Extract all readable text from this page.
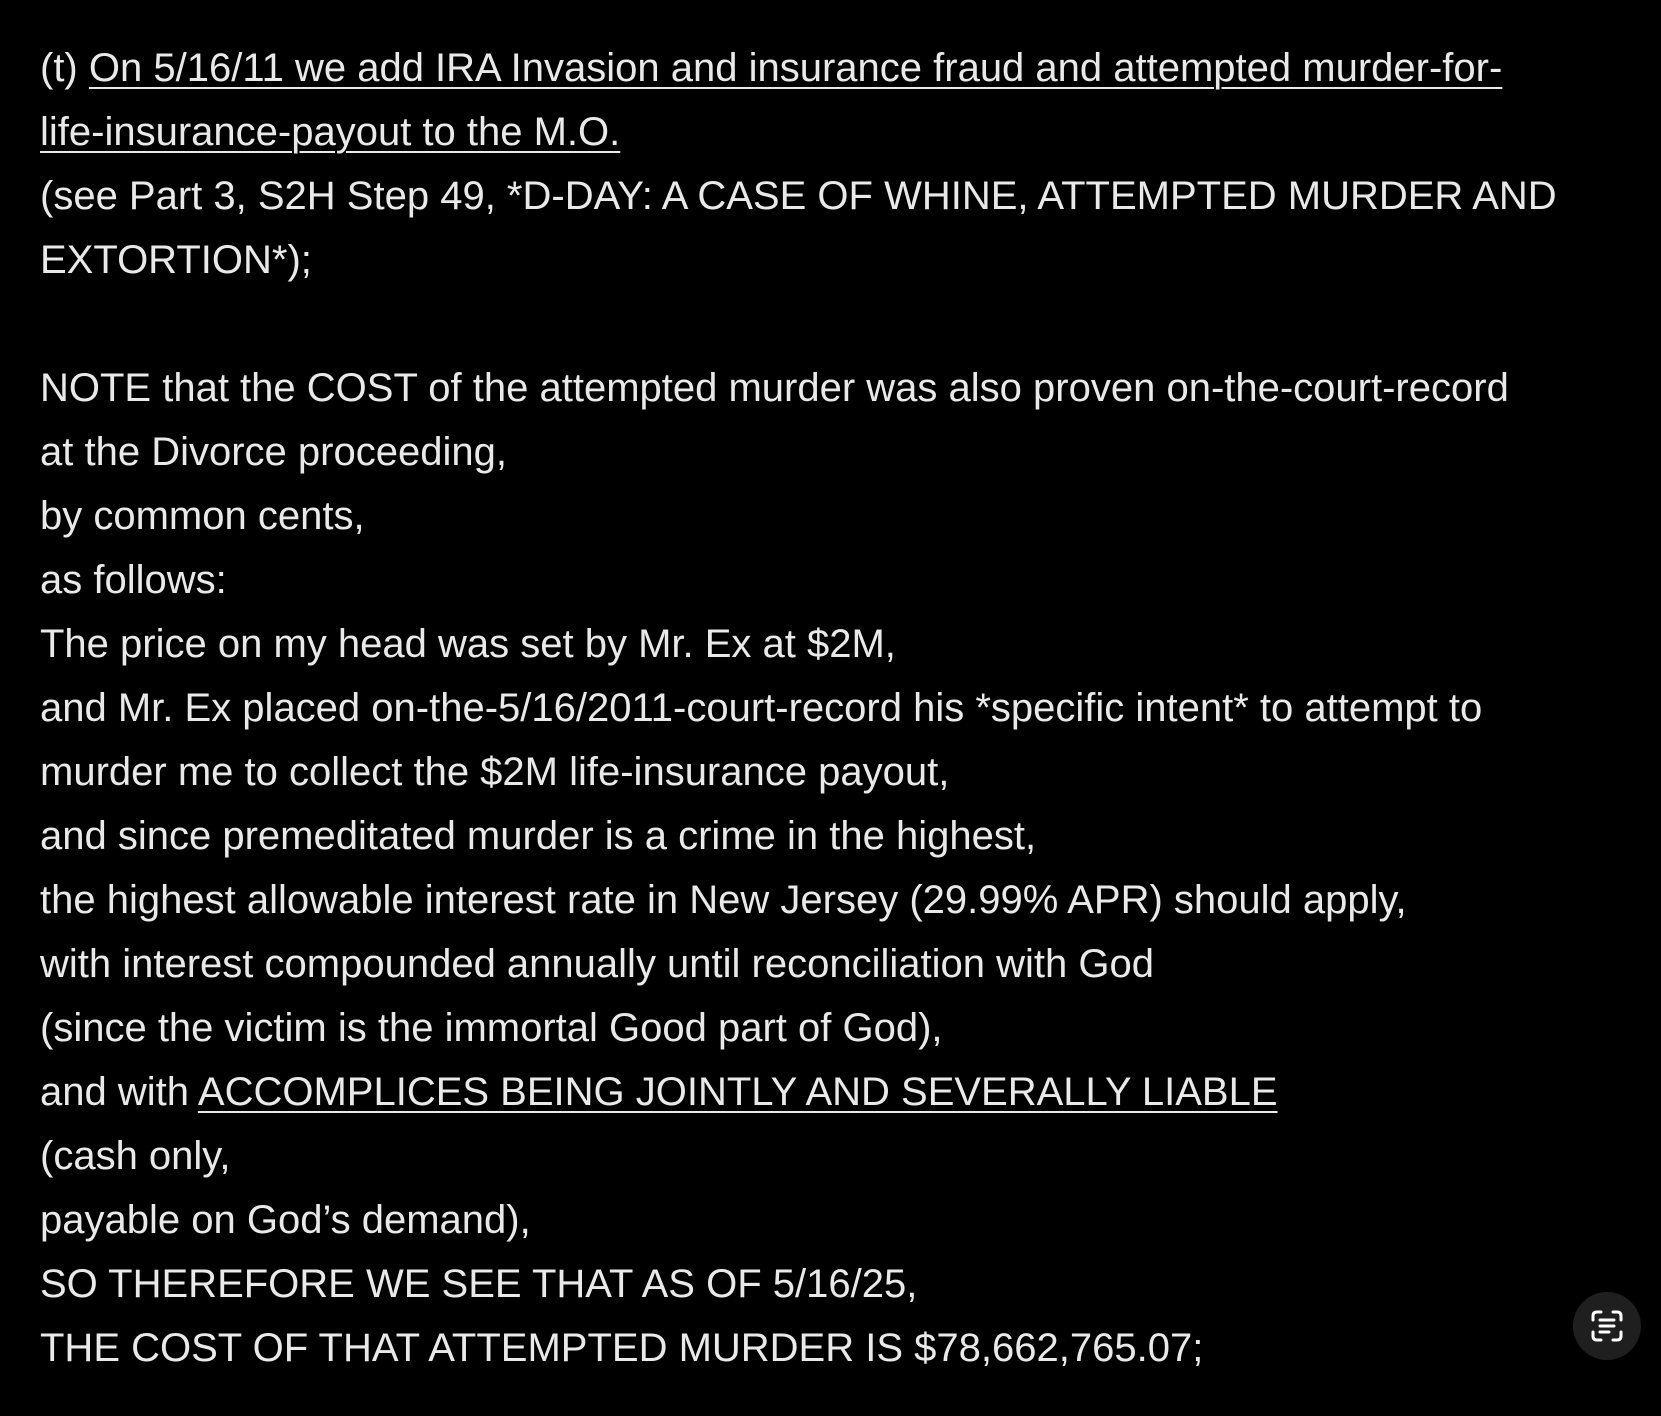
(t) On 5/16/11 we add IRA Invasion and insurance fraud and attempted murder-for-
life-insurance-payout to the M.O.
(see Part 3, S2H Step 49, *D-DAY: A CASE OF WHINE, ATTEMPTED MURDER AND
EXTORTION*);
NOTE that the COST of the attempted murder was also proven on-the-court-record
at the Divorce proceeding,
by common cents,
as follows:
The price on my head was set by Mr. Ex at $2M,
and Mr. Ex placed on-the-5/16/2011-court-record his *specific intent* to attempt to
murder me to collect the $2M life-insurance payout,
and since premeditated murder is a crime in the highest,
the highest allowable interest rate in New Jersey (29.99% APR) should apply,
with interest compounded annually until reconciliation with God
(since the victim is the immortal Good part of God),
and with ACCOMPLICES BEING JOINTLY AND SEVERALLY LIABLE
(cash only,
payable on God’s demand),
SO THEREFORE WE SEE THAT AS OF 5/16/25,
THE COST OF THAT ATTEMPTED MURDER IS $78,662,765.07;
